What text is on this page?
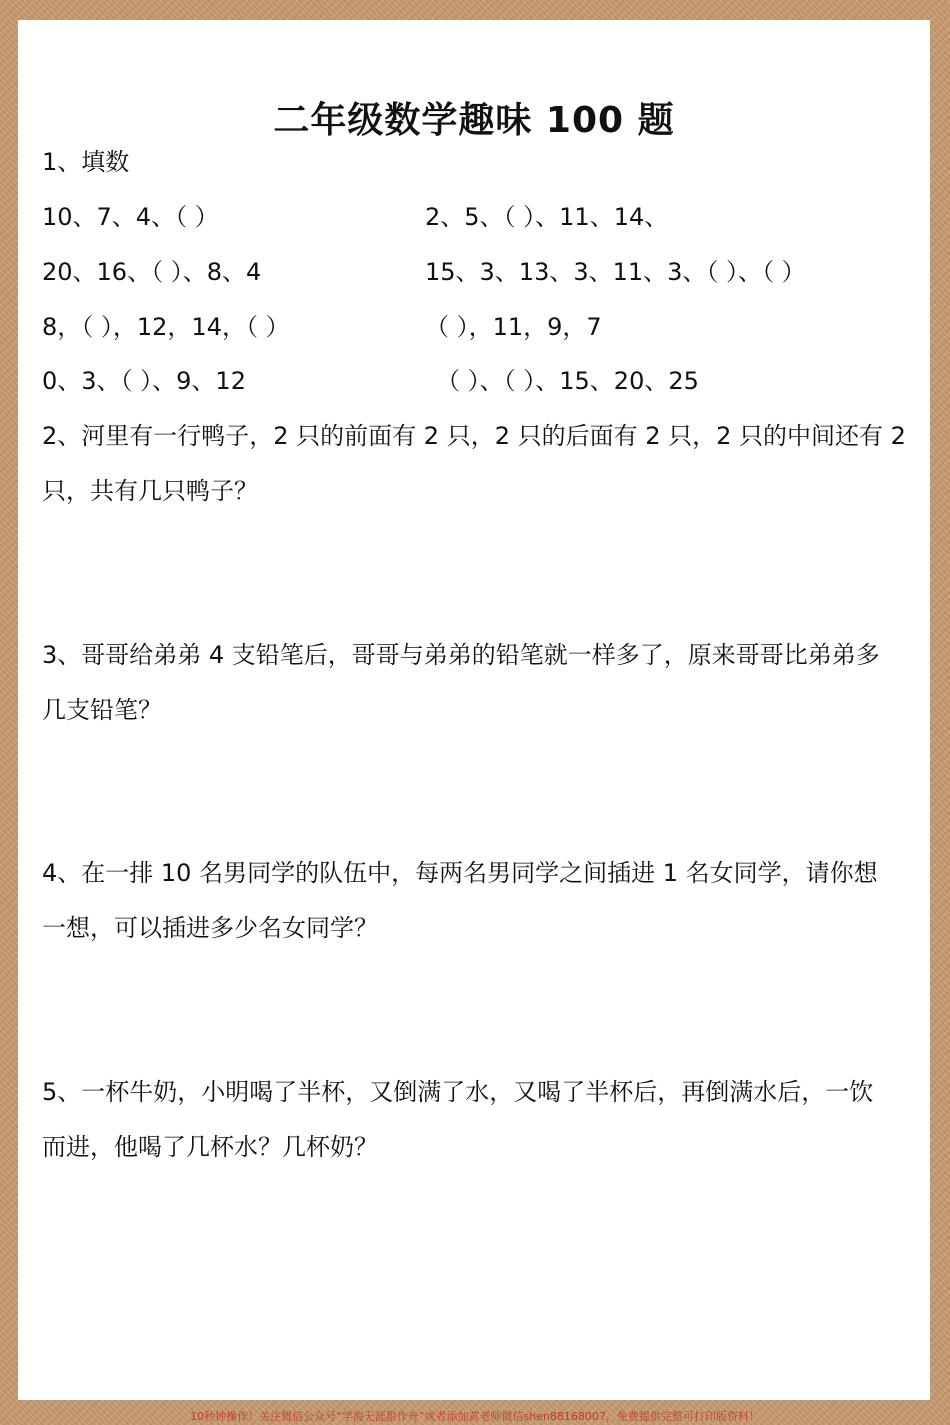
二年级数学趣味 100 题
1、填数
10、7、4、（ ）	2、5、（ ）、11、14、
20、16、（ ）、8、4	15、3、13、3、11、3、（ ）、（ ）
8，（ ），12，14，（ ）	（ ），11，9，7
0、3、（ ）、9、12	（ ）、（ ）、15、20、25
2、河里有一行鸭子，2 只的前面有 2 只，2 只的后面有 2 只，2 只的中间还有 2
只，共有几只鸭子？
3、哥哥给弟弟 4 支铅笔后，哥哥与弟弟的铅笔就一样多了，原来哥哥比弟弟多
几支铅笔？
4、在一排 10 名男同学的队伍中，每两名男同学之间插进 1 名女同学，请你想
一想，可以插进多少名女同学？
5、一杯牛奶，小明喝了半杯，又倒满了水，又喝了半杯后，再倒满水后，一饮
而进，他喝了几杯水？几杯奶？
10秒钟操作！关注微信公众号“学海无涯甜作舟”或者添加黄老师微信shen88168007，免费提供完整可打印版资料！
